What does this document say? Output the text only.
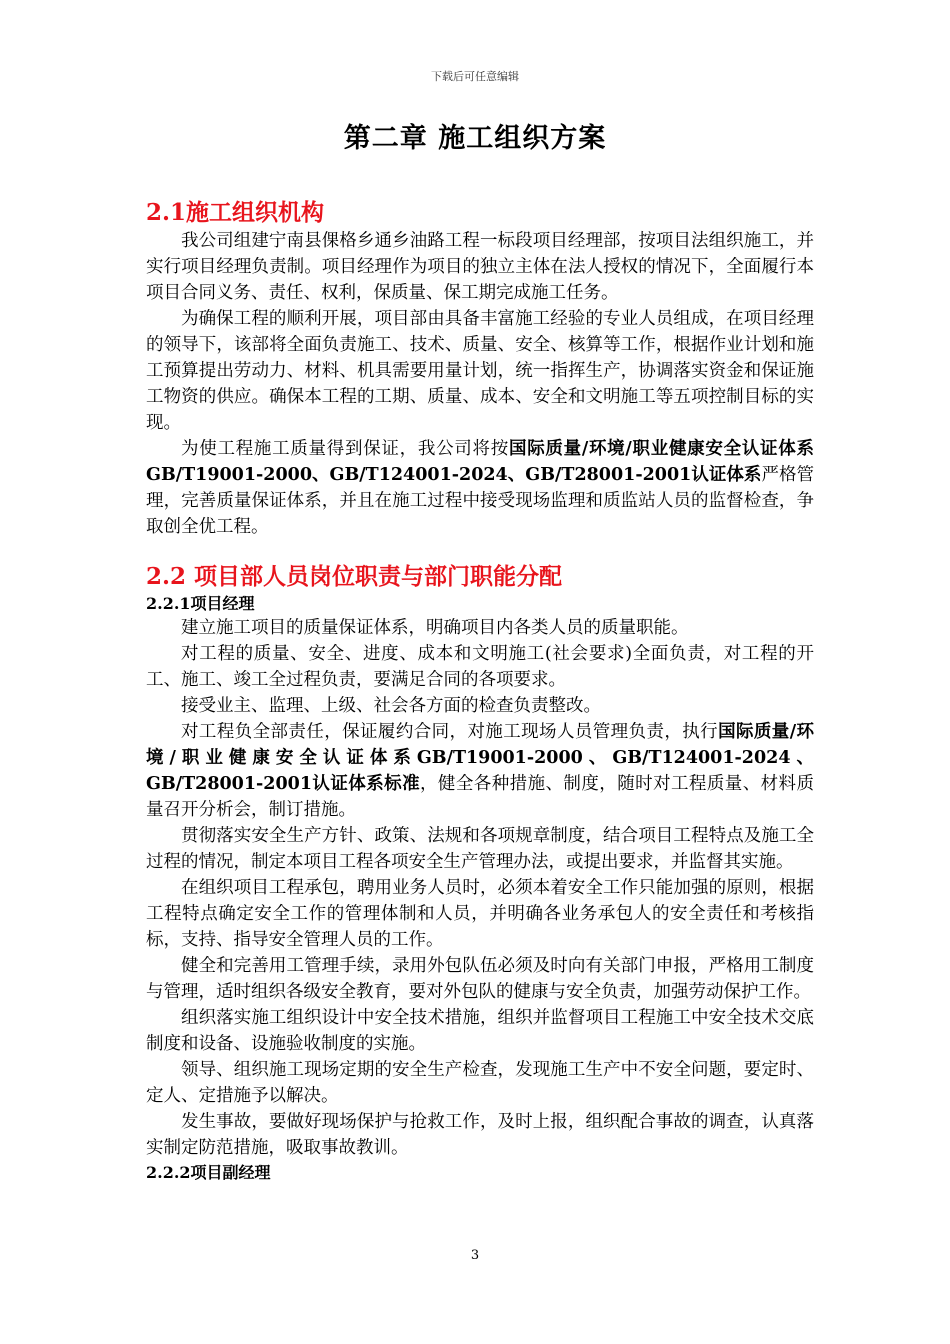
下载后可任意编辑
第二章 施工组织方案
2.1施工组织机构

我公司组建宁南县倮格乡通乡油路工程一标段项目经理部，按项目法组织施工，并实行项目经理负责制。项目经理作为项目的独立主体在法人授权的情况下，全面履行本项目合同义务、责任、权利，保质量、保工期完成施工任务。

为确保工程的顺利开展，项目部由具备丰富施工经验的专业人员组成，在项目经理的领导下，该部将全面负责施工、技术、质量、安全、核算等工作，根据作业计划和施工预算提出劳动力、材料、机具需要用量计划，统一指挥生产，协调落实资金和保证施工物资的供应。确保本工程的工期、质量、成本、安全和文明施工等五项控制目标的实现。

为使工程施工质量得到保证，我公司将按国际质量/环境/职业健康安全认证体系GB/T19001-2000、GB/T124001-2024、GB/T28001-2001认证体系严格管理，完善质量保证体系，并且在施工过程中接受现场监理和质监站人员的监督检查，争取创全优工程。

2.2 项目部人员岗位职责与部门职能分配
2.2.1项目经理

建立施工项目的质量保证体系，明确项目内各类人员的质量职能。

对工程的质量、安全、进度、成本和文明施工(社会要求)全面负责，对工程的开工、施工、竣工全过程负责，要满足合同的各项要求。

接受业主、监理、上级、社会各方面的检查负责整改。

对工程负全部责任，保证履约合同，对施工现场人员管理负责，执行国际质量/环境/职业健康安全认证体系GB/T19001-2000、GB/T124001-2024、GB/T28001-2001认证体系标准，健全各种措施、制度，随时对工程质量、材料质量召开分析会，制订措施。

贯彻落实安全生产方针、政策、法规和各项规章制度，结合项目工程特点及施工全过程的情况，制定本项目工程各项安全生产管理办法，或提出要求，并监督其实施。

在组织项目工程承包，聘用业务人员时，必须本着安全工作只能加强的原则，根据工程特点确定安全工作的管理体制和人员，并明确各业务承包人的安全责任和考核指标，支持、指导安全管理人员的工作。

健全和完善用工管理手续，录用外包队伍必须及时向有关部门申报，严格用工制度与管理，适时组织各级安全教育，要对外包队的健康与安全负责，加强劳动保护工作。

组织落实施工组织设计中安全技术措施，组织并监督项目工程施工中安全技术交底制度和设备、设施验收制度的实施。

领导、组织施工现场定期的安全生产检查，发现施工生产中不安全问题，要定时、定人、定措施予以解决。

发生事故，要做好现场保护与抢救工作，及时上报，组织配合事故的调查，认真落实制定防范措施，吸取事故教训。

2.2.2项目副经理
3
